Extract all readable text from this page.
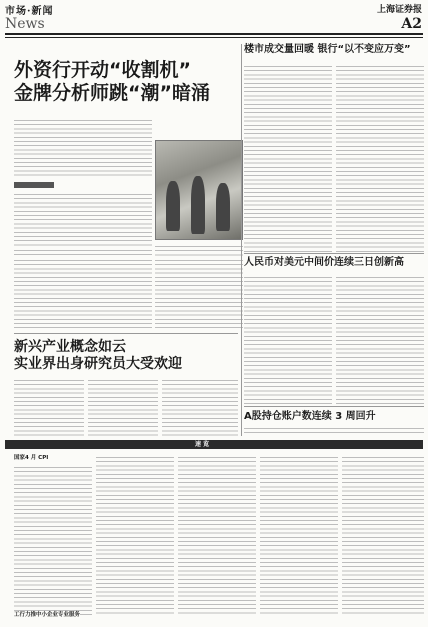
市场·新闻
News
上海证券报
A2
外资行开动“收割机”
金牌分析师跳“潮”暗涌
新兴产业概念如云
实业界出身研究员大受欢迎
楼市成交量回暖 银行“以不变应万变”
人民币对美元中间价连续三日创新高
A股持仓账户数连续 3 周回升
速 览
国家4 月 CPI
工行力推中小企业专业服务
